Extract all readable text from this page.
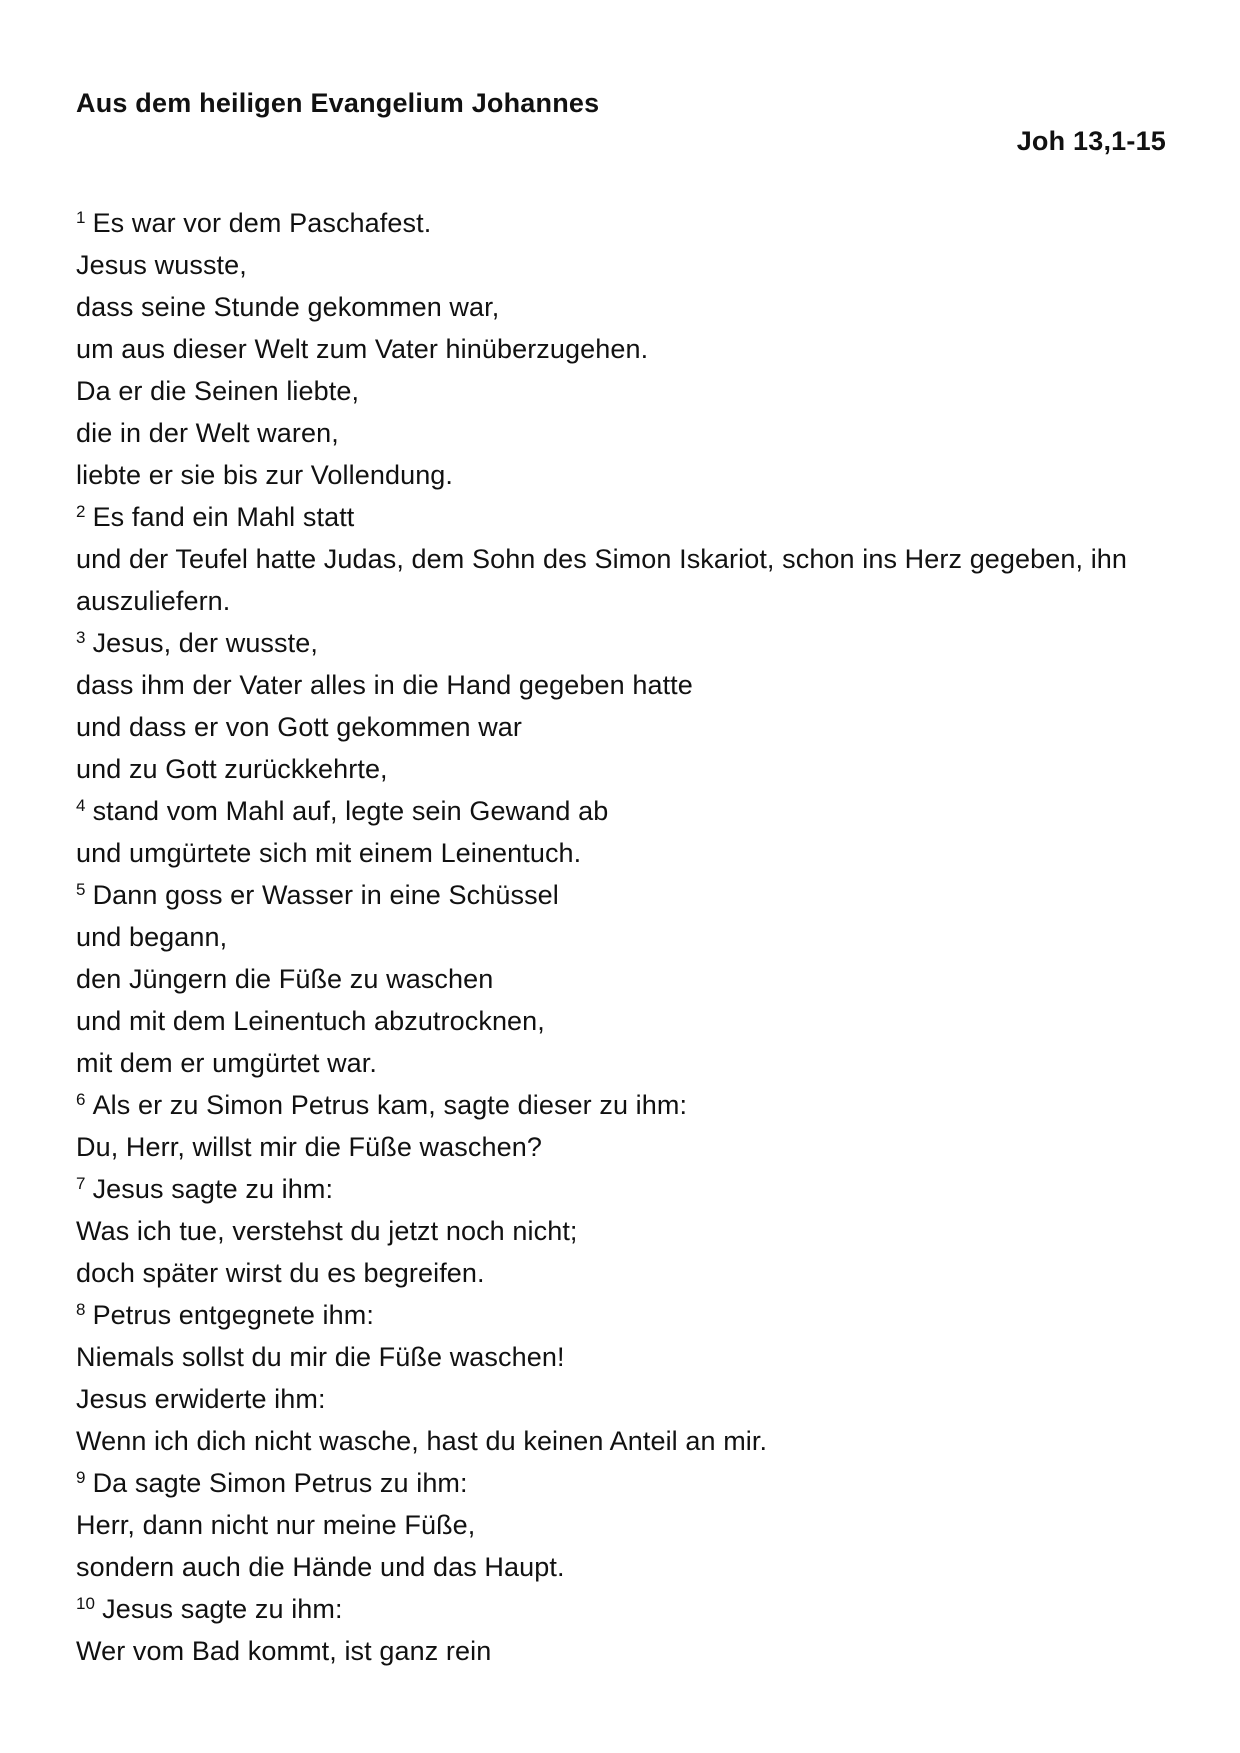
Aus dem heiligen Evangelium Johannes
Joh 13,1-15
1 Es war vor dem Paschafest.
Jesus wusste,
dass seine Stunde gekommen war,
um aus dieser Welt zum Vater hinüberzugehen.
Da er die Seinen liebte,
die in der Welt waren,
liebte er sie bis zur Vollendung.
2 Es fand ein Mahl statt
und der Teufel hatte Judas, dem Sohn des Simon Iskariot, schon ins Herz gegeben, ihn
auszuliefern.
3 Jesus, der wusste,
dass ihm der Vater alles in die Hand gegeben hatte
und dass er von Gott gekommen war
und zu Gott zurückkehrte,
4 stand vom Mahl auf, legte sein Gewand ab
und umgürtete sich mit einem Leinentuch.
5 Dann goss er Wasser in eine Schüssel
und begann,
den Jüngern die Füße zu waschen
und mit dem Leinentuch abzutrocknen,
mit dem er umgürtet war.
6 Als er zu Simon Petrus kam, sagte dieser zu ihm:
Du, Herr, willst mir die Füße waschen?
7 Jesus sagte zu ihm:
Was ich tue, verstehst du jetzt noch nicht;
doch später wirst du es begreifen.
8 Petrus entgegnete ihm:
Niemals sollst du mir die Füße waschen!
Jesus erwiderte ihm:
Wenn ich dich nicht wasche, hast du keinen Anteil an mir.
9 Da sagte Simon Petrus zu ihm:
Herr, dann nicht nur meine Füße,
sondern auch die Hände und das Haupt.
10 Jesus sagte zu ihm:
Wer vom Bad kommt, ist ganz rein
